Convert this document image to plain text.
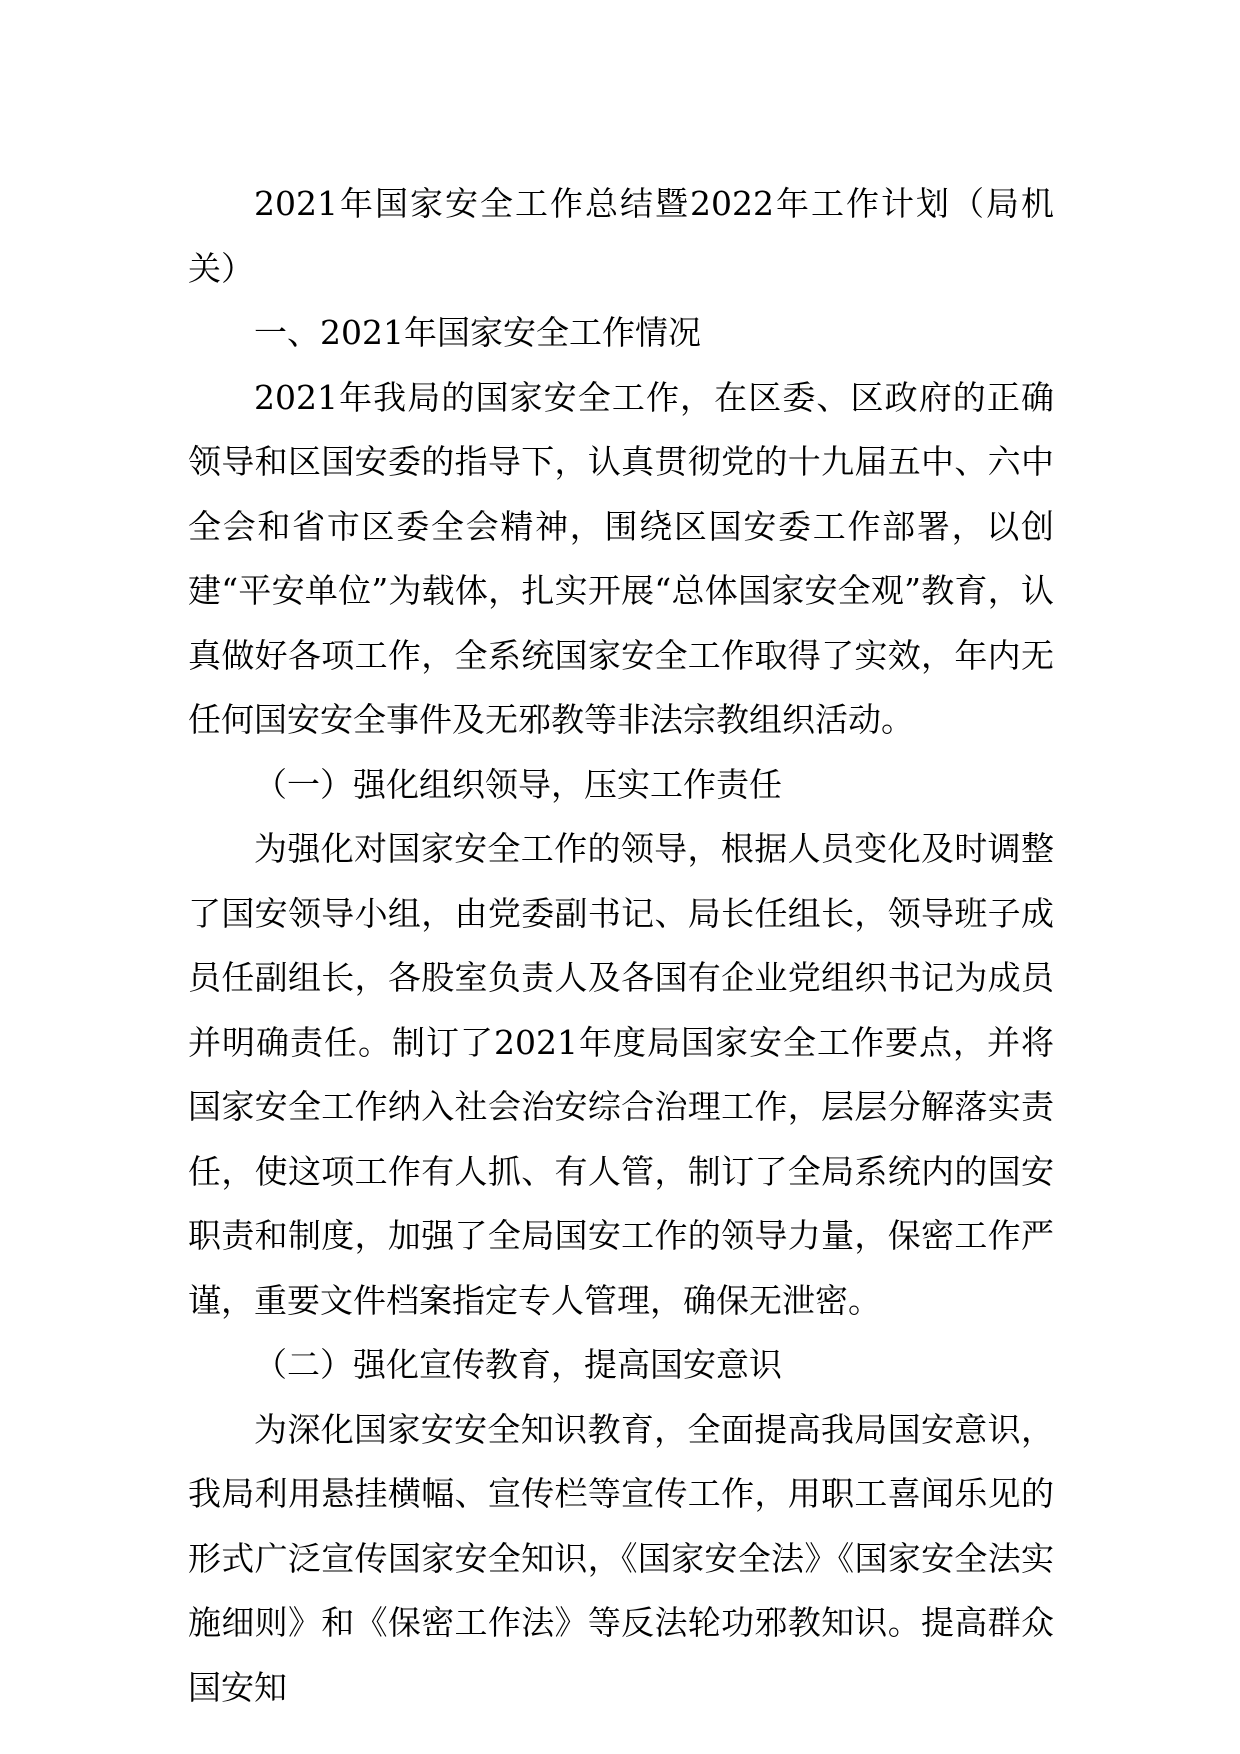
2021年国家安全工作总结暨2022年工作计划（局机关）

一、2021年国家安全工作情况

2021年我局的国家安全工作，在区委、区政府的正确领导和区国安委的指导下，认真贯彻党的十九届五中、六中全会和省市区委全会精神，围绕区国安委工作部署，以创建“平安单位”为载体，扎实开展“总体国家安全观”教育，认真做好各项工作，全系统国家安全工作取得了实效，年内无任何国安安全事件及无邪教等非法宗教组织活动。

（一）强化组织领导，压实工作责任

为强化对国家安全工作的领导，根据人员变化及时调整了国安领导小组，由党委副书记、局长任组长，领导班子成员任副组长，各股室负责人及各国有企业党组织书记为成员并明确责任。制订了2021年度局国家安全工作要点，并将国家安全工作纳入社会治安综合治理工作，层层分解落实责任，使这项工作有人抓、有人管，制订了全局系统内的国安职责和制度，加强了全局国安工作的领导力量，保密工作严谨，重要文件档案指定专人管理，确保无泄密。

（二）强化宣传教育，提高国安意识

为深化国家安安全知识教育，全面提高我局国安意识，我局利用悬挂横幅、宣传栏等宣传工作，用职工喜闻乐见的形式广泛宣传国家安全知识，《国家安全法》《国家安全法实施细则》和《保密工作法》等反法轮功邪教知识。提高群众国安知
